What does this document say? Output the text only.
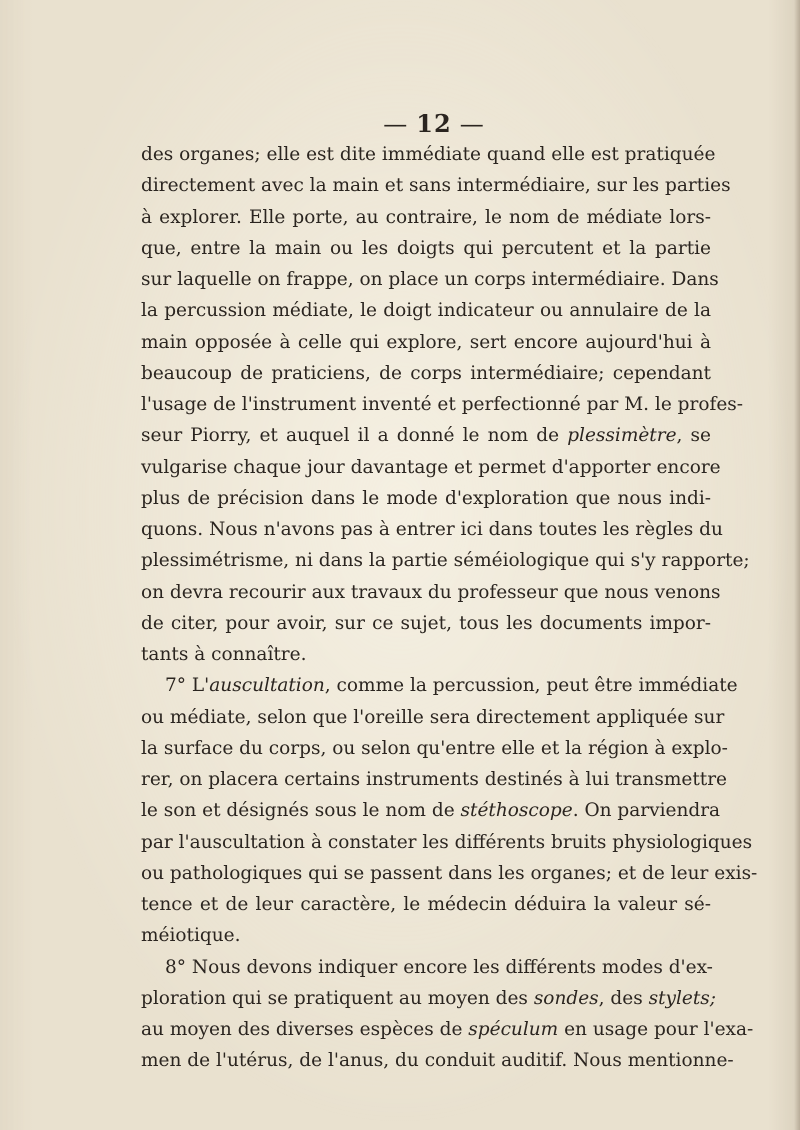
— 12 —
des organes; elle est dite immédiate quand elle est pratiquée
directement avec la main et sans intermédiaire, sur les parties
à explorer. Elle porte, au contraire, le nom de médiate lors-
que, entre la main ou les doigts qui percutent et la partie
sur laquelle on frappe, on place un corps intermédiaire. Dans
la percussion médiate, le doigt indicateur ou annulaire de la
main opposée à celle qui explore, sert encore aujourd'hui à
beaucoup de praticiens, de corps intermédiaire; cependant
l'usage de l'instrument inventé et perfectionné par M. le profes-
seur Piorry, et auquel il a donné le nom de plessimètre, se
vulgarise chaque jour davantage et permet d'apporter encore
plus de précision dans le mode d'exploration que nous indi-
quons. Nous n'avons pas à entrer ici dans toutes les règles du
plessimétrisme, ni dans la partie séméiologique qui s'y rapporte;
on devra recourir aux travaux du professeur que nous venons
de citer, pour avoir, sur ce sujet, tous les documents impor-
tants à connaître.
7° L'auscultation, comme la percussion, peut être immédiate
ou médiate, selon que l'oreille sera directement appliquée sur
la surface du corps, ou selon qu'entre elle et la région à explo-
rer, on placera certains instruments destinés à lui transmettre
le son et désignés sous le nom de stéthoscope. On parviendra
par l'auscultation à constater les différents bruits physiologiques
ou pathologiques qui se passent dans les organes; et de leur exis-
tence et de leur caractère, le médecin déduira la valeur sé-
méiotique.
8° Nous devons indiquer encore les différents modes d'ex-
ploration qui se pratiquent au moyen des sondes, des stylets;
au moyen des diverses espèces de spéculum en usage pour l'exa-
men de l'utérus, de l'anus, du conduit auditif. Nous mentionne-
